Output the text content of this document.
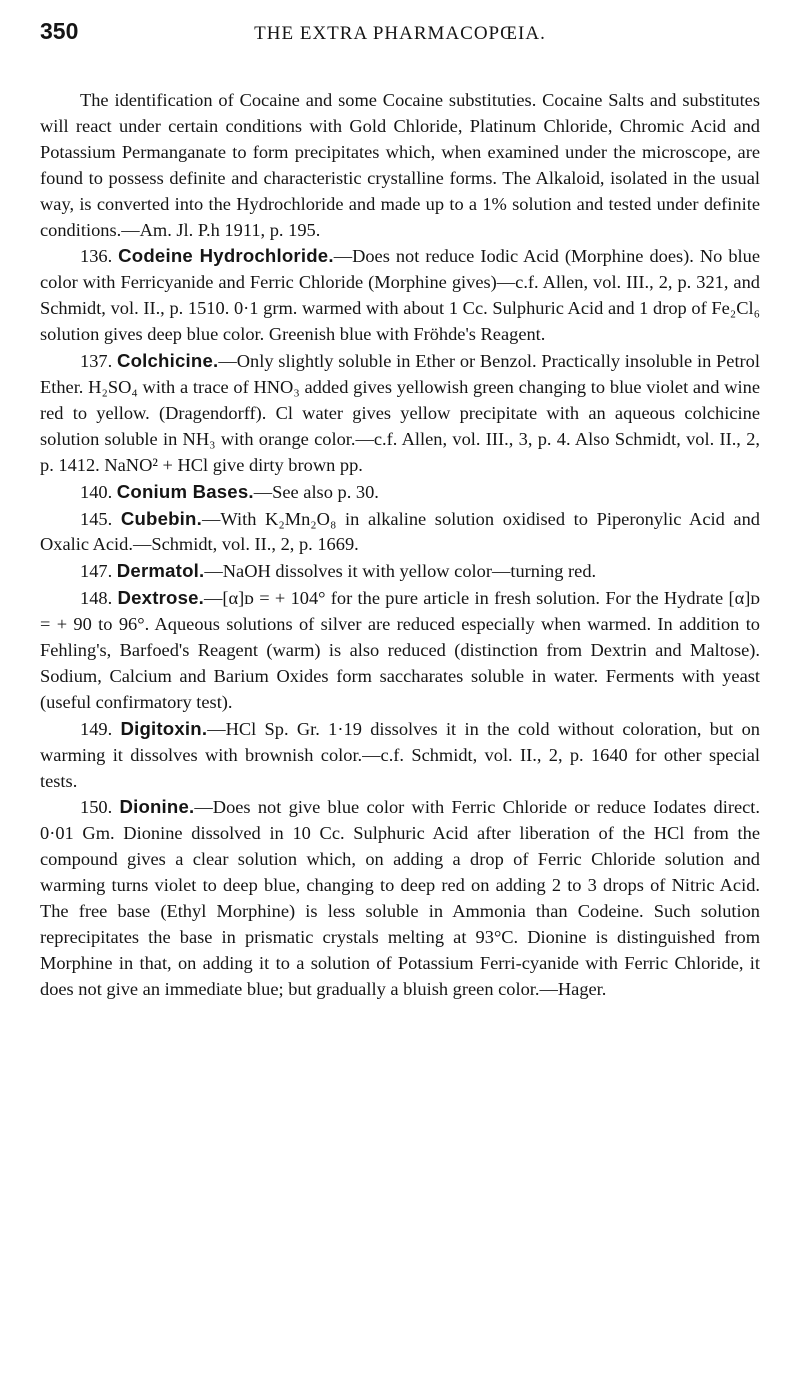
350	THE EXTRA PHARMACOPŒIA.

The identification of Cocaine and some Cocaine substituties. Cocaine Salts and substitutes will react under certain conditions with Gold Chloride, Platinum Chloride, Chromic Acid and Potassium Permanganate to form precipitates which, when examined under the microscope, are found to possess definite and characteristic crystalline forms. The Alkaloid, isolated in the usual way, is converted into the Hydrochloride and made up to a 1% solution and tested under definite conditions.—Am. Jl. P.h 1911, p. 195.

136. Codeine Hydrochloride.—Does not reduce Iodic Acid (Morphine does). No blue color with Ferricyanide and Ferric Chloride (Morphine gives)—c.f. Allen, vol. III., 2, p. 321, and Schmidt, vol. II., p. 1510. 0·1 grm. warmed with about 1 Cc. Sulphuric Acid and 1 drop of Fe₂Cl₆ solution gives deep blue color. Greenish blue with Fröhde's Reagent.

137. Colchicine.—Only slightly soluble in Ether or Benzol. Practically insoluble in Petrol Ether. H₂SO₄ with a trace of HNO₃ added gives yellowish green changing to blue violet and wine red to yellow. (Dragendorff). Cl water gives yellow precipitate with an aqueous colchicine solution soluble in NH₃ with orange color.—c.f. Allen, vol. III., 3, p. 4. Also Schmidt, vol. II., 2, p. 1412. NaNO² + HCl give dirty brown pp.

140. Conium Bases.—See also p. 30.

145. Cubebin.—With K₂Mn₂O₈ in alkaline solution oxidised to Piperonylic Acid and Oxalic Acid.—Schmidt, vol. II., 2, p. 1669.

147. Dermatol.—NaOH dissolves it with yellow color—turning red.

148. Dextrose.—[α]ᴅ = + 104° for the pure article in fresh solution. For the Hydrate [α]ᴅ = + 90 to 96°. Aqueous solutions of silver are reduced especially when warmed. In addition to Fehling's, Barfoed's Reagent (warm) is also reduced (distinction from Dextrin and Maltose). Sodium, Calcium and Barium Oxides form saccharates soluble in water. Ferments with yeast (useful confirmatory test).

149. Digitoxin.—HCl Sp. Gr. 1·19 dissolves it in the cold without coloration, but on warming it dissolves with brownish color.—c.f. Schmidt, vol. II., 2, p. 1640 for other special tests.

150. Dionine.—Does not give blue color with Ferric Chloride or reduce Iodates direct. 0·01 Gm. Dionine dissolved in 10 Cc. Sulphuric Acid after liberation of the HCl from the compound gives a clear solution which, on adding a drop of Ferric Chloride solution and warming turns violet to deep blue, changing to deep red on adding 2 to 3 drops of Nitric Acid. The free base (Ethyl Morphine) is less soluble in Ammonia than Codeine. Such solution reprecipitates the base in prismatic crystals melting at 93°C. Dionine is distinguished from Morphine in that, on adding it to a solution of Potassium Ferri-cyanide with Ferric Chloride, it does not give an immediate blue; but gradually a bluish green color.—Hager.
